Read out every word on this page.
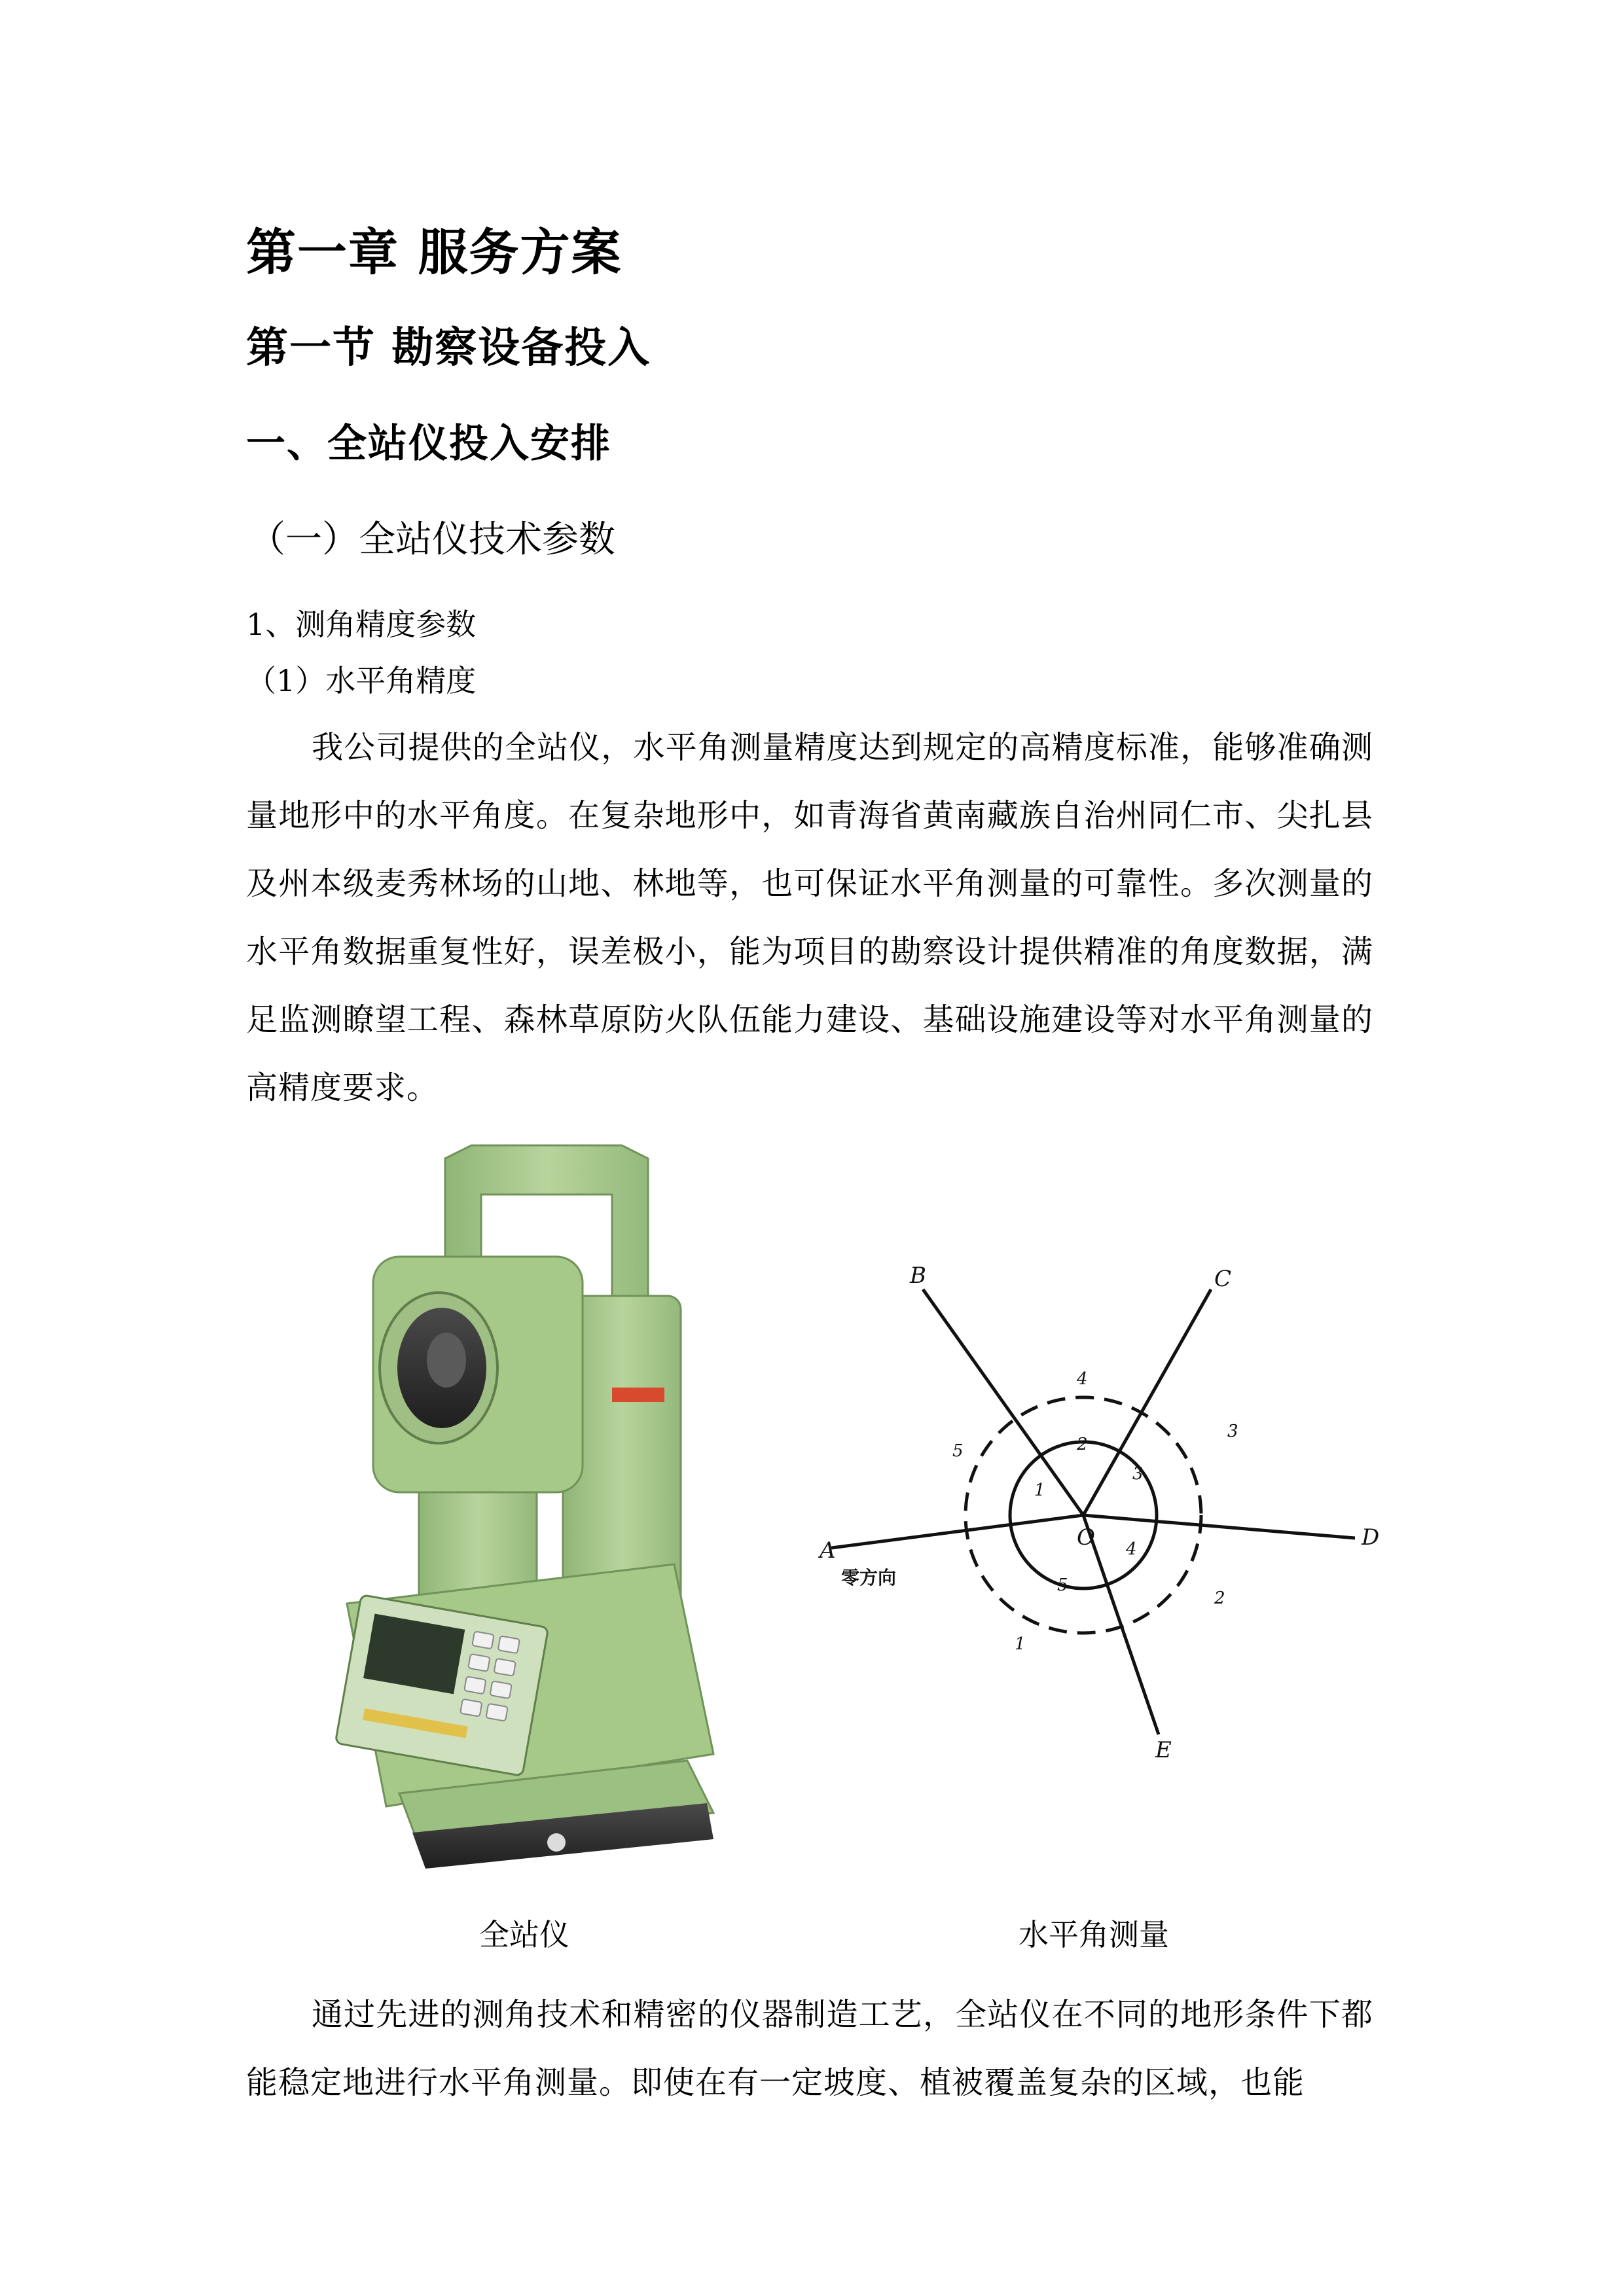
第一章 服务方案
第一节 勘察设备投入
一、全站仪投入安排
（一）全站仪技术参数
1、测角精度参数
（1）水平角精度
我公司提供的全站仪，水平角测量精度达到规定的高精度标准，能够准确测量地形中的水平角度。在复杂地形中，如青海省黄南藏族自治州同仁市、尖扎县及州本级麦秀林场的山地、林地等，也可保证水平角测量的可靠性。多次测量的水平角数据重复性好，误差极小，能为项目的勘察设计提供精准的角度数据，满足监测瞭望工程、森林草原防火队伍能力建设、基础设施建设等对水平角测量的高精度要求。
A
B	C
D
E
O
1
2
3
4
5
1
2
3
4
5
零方向
全站仪	水平角测量
通过先进的测角技术和精密的仪器制造工艺，全站仪在不同的地形条件下都能稳定地进行水平角测量。即使在有一定坡度、植被覆盖复杂的区域，也能
